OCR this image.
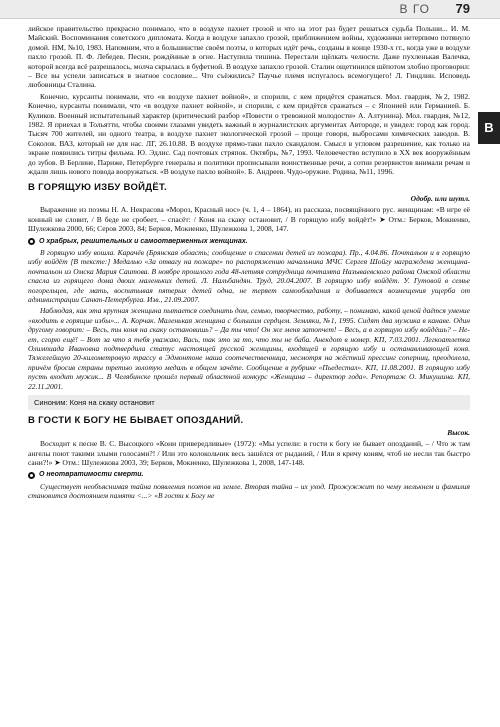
В ГО 79
В

лийское правительство прекрасно понимало, что в воздухе пахнет грозой и что на этот раз будет решаться судьба Польши... И. М. Майский. Воспоминания советского дипломата. Когда в воздухе запахло грозой, приближением войны, художники нетерпимо потянуло домой. НМ, №10, 1983. Напомним, что в большинстве своём поэты, о которых идёт речь, созданы в конце 1930-х гг., когда уже в воздухе пахло грозой. П. Ф. Лебедев. Песни, рождённые в огне. Наступила тишина. Перестали щёлкать челюсти. Даже пухленькая Валечка, которой всегда всё разрешалось, молча скрылась в буфетной. В воздухе запахло грозой. Сталин ощетинился шёпотом злобно проговорил: – Все вы успели записаться в знатное сословие... Что съёжились? Паучье племя испугалось всемогущего! Л. Гиндлин. Исповедь любовницы Сталина.

Конечно, курсанты понимали, что «в воздухе пахнет войной», и спорили, с кем придётся сражаться. Мол. гвардия, №2, 1982. Конечно, курсанты понимали, что «в воздухе пахнет войной», и спорили, с кем придётся сражаться – с Японией или Германией. Б. Куликов. Военный испытательный характер (критический разбор «Повести о тревожной молодости» А. Алтунина). Мол. гвардия, №12, 1982. Я приехал в Тольятти, чтобы своими глазами увидеть важный в журналистских аргументах Автороде, и увидел: город как город. Тысяч 700 жителей, ни одного театра, в воздухе пахнет экологической грозой – проще говоря, выбросами химических заводов. В. Соколов. ВАЗ, который не для нас. ЛГ, 26.10.88. В воздухе прямо-таки пахло скандалом. Смысл в угловом разрешение, как только на экране появились титры фильма. Ю. Эдлис. Сад почтовых стряпок. Октябрь, №7, 1993. Человечество вступило в XX век вооружённым до зубов. В Берлине, Париже, Петербурге генералы и политики прописывали воинственные речи, а сотни резервистов внимали речам и ждали лишь нового повода вооружаться. «В воздухе пахло войной». Б. Андреев. Чудо-оружие. Родина, №11, 1996.

В ГОРЯЩУЮ ИЗБУ ВОЙДЁТ.
Одобр. или шутл.

Выражение из поэмы Н. А. Некрасова «Мороз, Красный нос» (ч. 1, 4 – 1864), из рассказа, посвящённого рус. женщинам: «В игре её конный не словит, / В беде не сробеет, – спасёт: / Коня на скаку остановит, / В горящую избу войдёт!» ➤ Отм.: Берков, Мокиенко, Шулежкова 2000, 66; Серов 2003, 84; Берков, Мокиенко, Шулежкова 1, 2008, 147.

О храбрых, решительных и самоотверженных женщинах.

В горящую избу вошла. Карачёв (Брянская область; сообщение о спасении детей из пожара). Пр., 4.04.86. Почтальон и в горящую избу войдёт [В тексте:] Медалью «За отвагу на пожаре» по распоряжению начальника МЧС Сергея Шойгу награждена женщина-почтальон из Омска Мария Саитова. В ноябре прошлого года 48-летняя сотрудница почтамта Называевского района Омской области спасла из горящего дома двоих маленьких детей. Л. Нальбандян. Труд, 20.04.2007. В горящую избу войдёт. У. Гутовой в семье погорельцев, где мать, воспитывая пятерых детей одна, не теряет самообладания и добивается возмещения ущерба от администрации Санкт-Петербурга. Изв., 21.09.2007.

Наблюдая, как эта крупная женщина пытается соединить дом, семью, творчество, работу, – понимаю, какой ценой даётся умение «входить в горящие избы»... А. Корчак. Маленькая женщина с большим сердцем. Земляки, №1, 1995. Сидят два мужика в канаве. Один другому говорит: – Весь, ты коня на скаку остановишь? – Да ты что! Он же меня затопчет! – Весь, а в горящую избу войдёшь? – Не-ет, сгорю ещё! – Вот за что я тебя уважаю, Вась, так это за то, что ты не баба. Анекдот в номер. КП, 7.03.2001. Легкоатлетка Олимпиада Ивановна подтвердила статус настоящей русской женщины, входящей в горящую избу и останавливающей коня. Тяжелейшую 20-километровую трассу в Эдмонтоне наша соотечественница, несмотря на жёсткий прессинг соперниц, преодолела, причём бросив страны третью золотую медаль в общем зачёте. Сообщение в рубрике «Пьедестал». КП, 11.08.2001. В горящую избу пусть входит мужик... В Челябинске прошёл первый областной конкурс «Женщина – директор года». Репортаж О. Микушина. КП, 22.11.2001.

Синоним: Коня на скаку остановит
В ГОСТИ К БОГУ НЕ БЫВАЕТ ОПОЗДАНИЙ.
Высок.

Восходит к песне В. С. Высоцкого «Кони привередливые» (1972): «Мы успели: в гости к богу не бывает опозданий, – / Что ж там ангелы поют такими злыми голосами?! / Или это колокольчик весь зашёлся от рыданий, / Или я кричу коням, чтоб не несли так быстро сани?!» ➤ Отм.: Шулежкова 2003, 39; Берков, Мокиенко, Шулежкова 1, 2008, 147-148.

О неотвратимости смерти.

Существует необъяснимая тайна появления поэтов на земле. Вторая тайна – их уход. Прожужжит по чему мелькнем и фамилия становится достоянием памяти <...> «В гости к Богу не
